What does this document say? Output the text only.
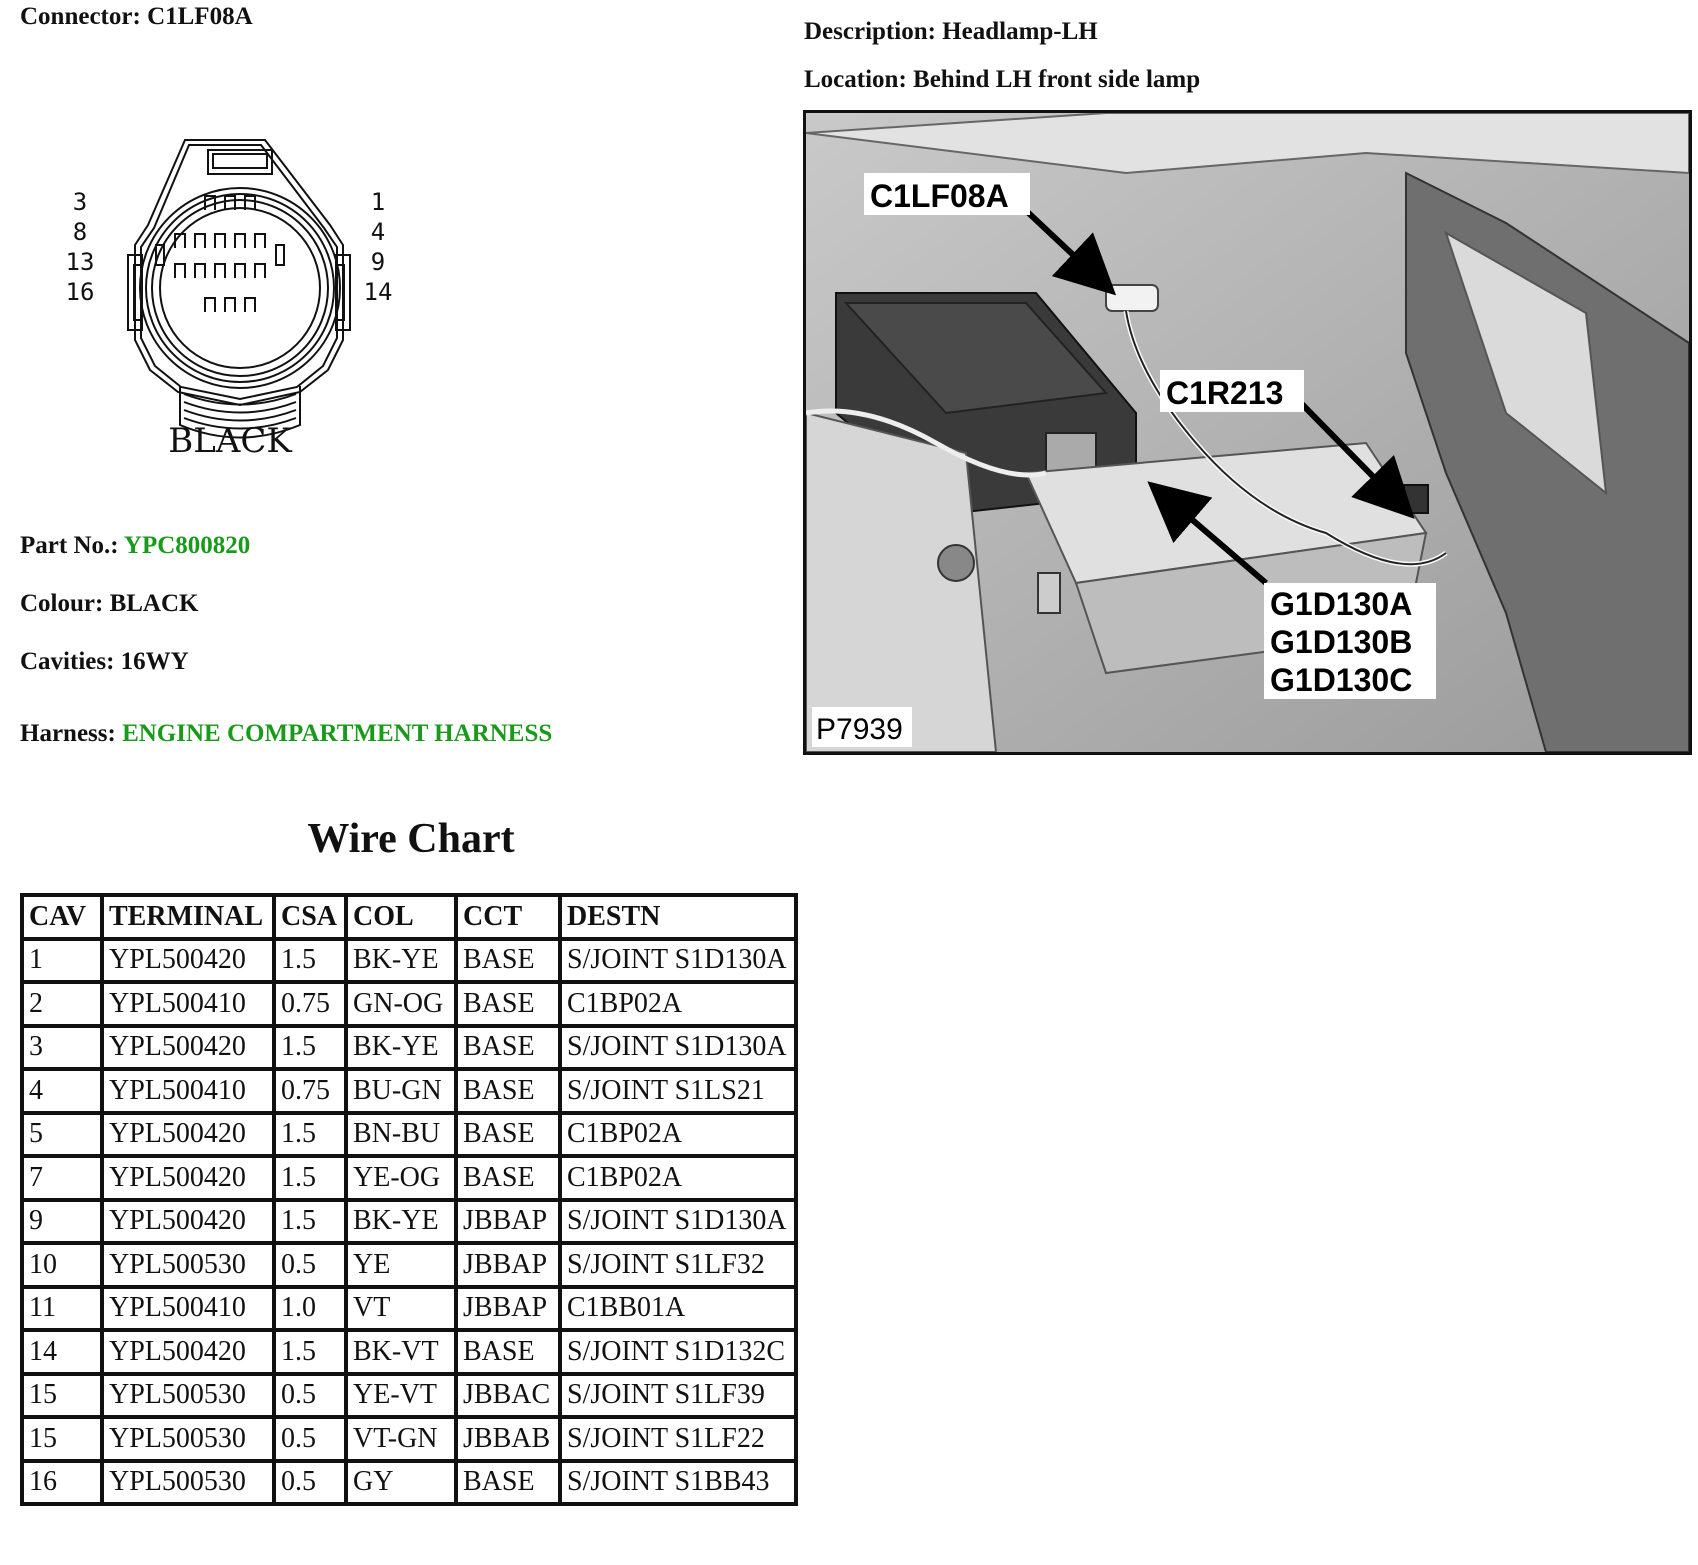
Connector: C1LF08A
Description: Headlamp-LH
Location: Behind LH front side lamp
3
8
13
16
1
4
9
14
BLACK
Part No.: YPC800820
Colour: BLACK
Cavities: 16WY
Harness: ENGINE COMPARTMENT HARNESS
C1LF08A
C1R213
G1D130A
G1D130B
G1D130C
P7939
Wire Chart
CAV	TERMINAL	CSA	COL	CCT	DESTN
1	YPL500420	1.5	BK-YE	BASE	S/JOINT S1D130A
2	YPL500410	0.75	GN-OG	BASE	C1BP02A
3	YPL500420	1.5	BK-YE	BASE	S/JOINT S1D130A
4	YPL500410	0.75	BU-GN	BASE	S/JOINT S1LS21
5	YPL500420	1.5	BN-BU	BASE	C1BP02A
7	YPL500420	1.5	YE-OG	BASE	C1BP02A
9	YPL500420	1.5	BK-YE	JBBAP	S/JOINT S1D130A
10	YPL500530	0.5	YE	JBBAP	S/JOINT S1LF32
11	YPL500410	1.0	VT	JBBAP	C1BB01A
14	YPL500420	1.5	BK-VT	BASE	S/JOINT S1D132C
15	YPL500530	0.5	YE-VT	JBBAC	S/JOINT S1LF39
15	YPL500530	0.5	VT-GN	JBBAB	S/JOINT S1LF22
16	YPL500530	0.5	GY	BASE	S/JOINT S1BB43
